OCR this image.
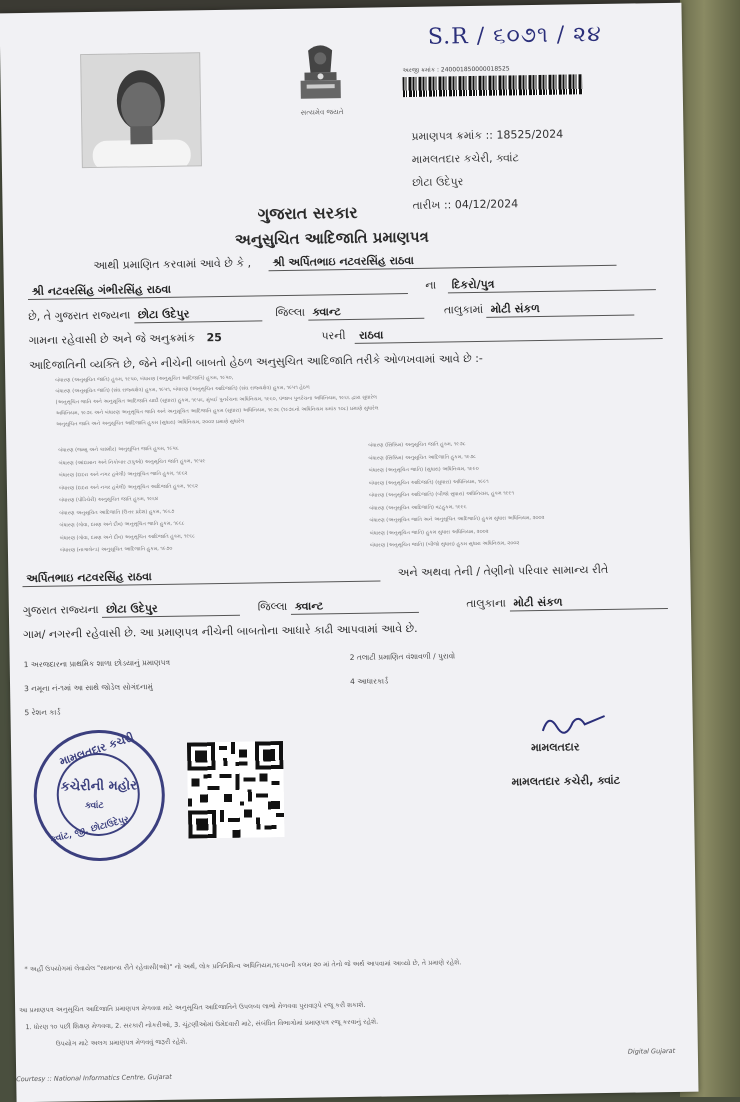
S.R / ૬૦૭૧ / ૨૪
સત્યમેવ જયતે
અરજી ક્રમાંક : 240001850000018525
પ્રમાણપત્ર ક્રમાંક :: 18525/2024
મામલતદાર કચેરી, ક્વાંટ
છોટા ઉદેપુર
તારીખ :: 04/12/2024
ગુજરાત સરકાર
અનુસુચિત આદિજાતિ પ્રમાણપત્ર
આથી પ્રમાણિત કરવામાં આવે છે કે , શ્રી અર્પિતભાઇ નટવરસિંહ રાઠવા
શ્રી નટવરસિંહ ગંભીરસિંહ રાઠવા	ના દિકરો/પુત્ર
છે, તે ગુજરાત રાજ્યના છોટા ઉદેપુર	જિલ્લા ક્વાન્ટ	તાલુકામાં મોટી સંકળ
ગામના રહેવાસી છે અને જે અનુક્રમાંક 25	પરની રાઠવા
આદિજાતિની વ્યક્તિ છે, જેને નીચેની બાબતો હેઠળ અનુસુચિત આદિજાતિ તરીકે ઓળખવામાં આવે છે :-
બંધારણ (અનુસૂચિત જાતિ) હુકમ, ૧૯૫૦, બંધારણ (અનુસૂચિત આદિજાતિ) હુકમ, ૧૯૫૦,
બંધારણ (અનુસૂચિત જાતિ) (સંઘ રાજ્યક્ષેત્ર) હુકમ, ૧૯૫૧, બંધારણ (અનુસૂચિત આદિજાતિ) (સંઘ રાજ્યક્ષેત્ર) હુકમ, ૧૯૫૧ હેઠળ
(અનુસૂચિત જાતિ અને અનુસૂચિત આદિજાતિ યાદી (સુધારા) હુકમ, ૧૯૫૬, મુંબઈ પુનર્રચના અધિનિયમ, ૧૯૬૦, પંજાબ પુનર્રચના અધિનિયમ, ૧૯૬૬ દ્વારા સુધારેલ
અધિનિયમ, ૧૯૭૬ અને બંધારણ અનુસૂચિત જાતિ અને અનુસૂચિત આદિજાતિ હુકમ (સુધારા) અધિનિયમ, ૧૯૭૬ (૧૯૭૬નો અધિનિયમ ક્રમાંક ૧૦૮) પ્રમાણે સુધારેલ
અનુસૂચિત જાતિ અને અનુસૂચિત આદિજાતિ હુકમ (સુધારા) અધિનિયમ, ૨૦૦૨ પ્રમાણે સુધારેલ
બંધારણ (જમ્મુ અને કાશ્મીર) અનુસૂચિત જાતિ હુકમ, ૧૯૫૬
બંધારણ (આંદામાન અને નિકોબાર ટાપુઓ) અનુસૂચિત જાતિ હુકમ, ૧૯૫૯
બંધારણ (દાદરા અને નગર હવેલી) અનુસૂચિત જાતિ હુકમ, ૧૯૬૨
બંધારણ (દાદરા અને નગર હવેલી) અનુસૂચિત આદિજાતિ હુકમ, ૧૯૬૨
બંધારણ (પોંડિચેરી) અનુસૂચિત જાતિ હુકમ, ૧૯૬૪
બંધારણ અનુસૂચિત આદિજાતિ (ઉત્તર પ્રદેશ) હુકમ, ૧૯૬૭
બંધારણ (ગોવા, દમણ અને દીવ) અનુસૂચિત જાતિ હુકમ, ૧૯૬૮
બંધારણ (ગોવા, દમણ અને દીવ) અનુસૂચિત આદિજાતિ હુકમ, ૧૯૬૮
બંધારણ (નાગાલેન્ડ) અનુસૂચિત આદિજાતિ હુકમ, ૧૯૭૦
બંધારણ (સિક્કિમ) અનુસૂચિત જાતિ હુકમ, ૧૯૭૮
બંધારણ (સિક્કિમ) અનુસૂચિત આદિજાતિ હુકમ, ૧૯૭૮
બંધારણ (અનુસૂચિત જાતિ) (સુધારા) અધિનિયમ, ૧૯૯૦
બંધારણ (અનુસૂચિત આદિજાતિ) (સુધારા) અધિનિયમ, ૧૯૯૧
બંધારણ (અનુસૂચિત આદિજાતિ) (બીજો સુધારા) અધિનિયમ, હુકમ ૧૯૯૧
બંધારણ (અનુસૂચિત આદિજાતિ) વટહુકમ, ૧૯૯૬
બંધારણ (અનુસૂચિત જાતિ અને અનુસૂચિત આદિજાતિ) હુકમ સુધારા અધિનિયમ, ૨૦૦૨
બંધારણ (અનુસૂચિત જાતિ) હુકમ સુધારા અધિનિયમ, ૨૦૦૨
બંધારણ (અનુસૂચિત જાતિ) (બીજો સુધારા) હુકમ સુધારા અધિનિયમ, ૨૦૦૨
અર્પિતભાઇ નટવરસિંહ રાઠવા	અને અથવા તેની / તેણીનો પરિવાર સામાન્ય રીતે
ગુજરાત રાજ્યના છોટા ઉદેપુર	જિલ્લા ક્વાન્ટ	તાલુકાના મોટી સંકળ
ગામ/ નગરની રહેવાસી છે. આ પ્રમાણપત્ર નીચેની બાબતોના આધારે કાઢી આપવામાં આવે છે.
1 અરજદારના પ્રાથમિક શાળા છોડયાનું પ્રમાણપત્ર
2 તલાટી પ્રમાણિત વંશાવળી / પુરાવો
3 નમૂના નં-૧માં આ સાથે જોડેલ સોગંદનામું
4 આધારકાર્ડ
5 રેશન કાર્ડ
મામલતદાર કચેરી
કચેરીની મહોર
ક્વાંટ
ક્વાંટ, જી. છોટાઉદેપુર
મામલતદાર
મામલતદાર કચેરી, ક્વાંટ
* અહીં ઉપયોગમાં લેવાયેલ "સામાન્ય રીતે રહેવાસી(ઓ)" નો અર્થ, લોક પ્રતિનિધિત્વ અધિનિયમ,૧૯૫૦ની કલમ ૨૦ માં તેનો જે અર્થ આપવામાં આવ્યો છે, તે પ્રમાણે રહેશે.
આ પ્રમાણપત્ર અનુસૂચિત આદિજાતિ પ્રમાણપત્ર મેળવવા માટે અનુસૂચિત આદિજાતિને ઉપલબ્ધ લાભો મેળવવા પુરાવારૂપે રજૂ કરી શકાશે.
1. ધોરણ ૧૦ પછી શિક્ષણ મેળવવા, 2. સરકારી નોકરીઓ, 3. ચૂંટણીઓમાં ઉમેદવારી માટે, સંબંધિત વિભાગોમાં પ્રમાણપત્ર રજૂ કરવાનું રહેશે.
ઉપયોગ માટે અલગ પ્રમાણપત્ર મેળવવું જરૂરી રહેશે.
Digital Gujarat
Courtesy :: National Informatics Centre, Gujarat
